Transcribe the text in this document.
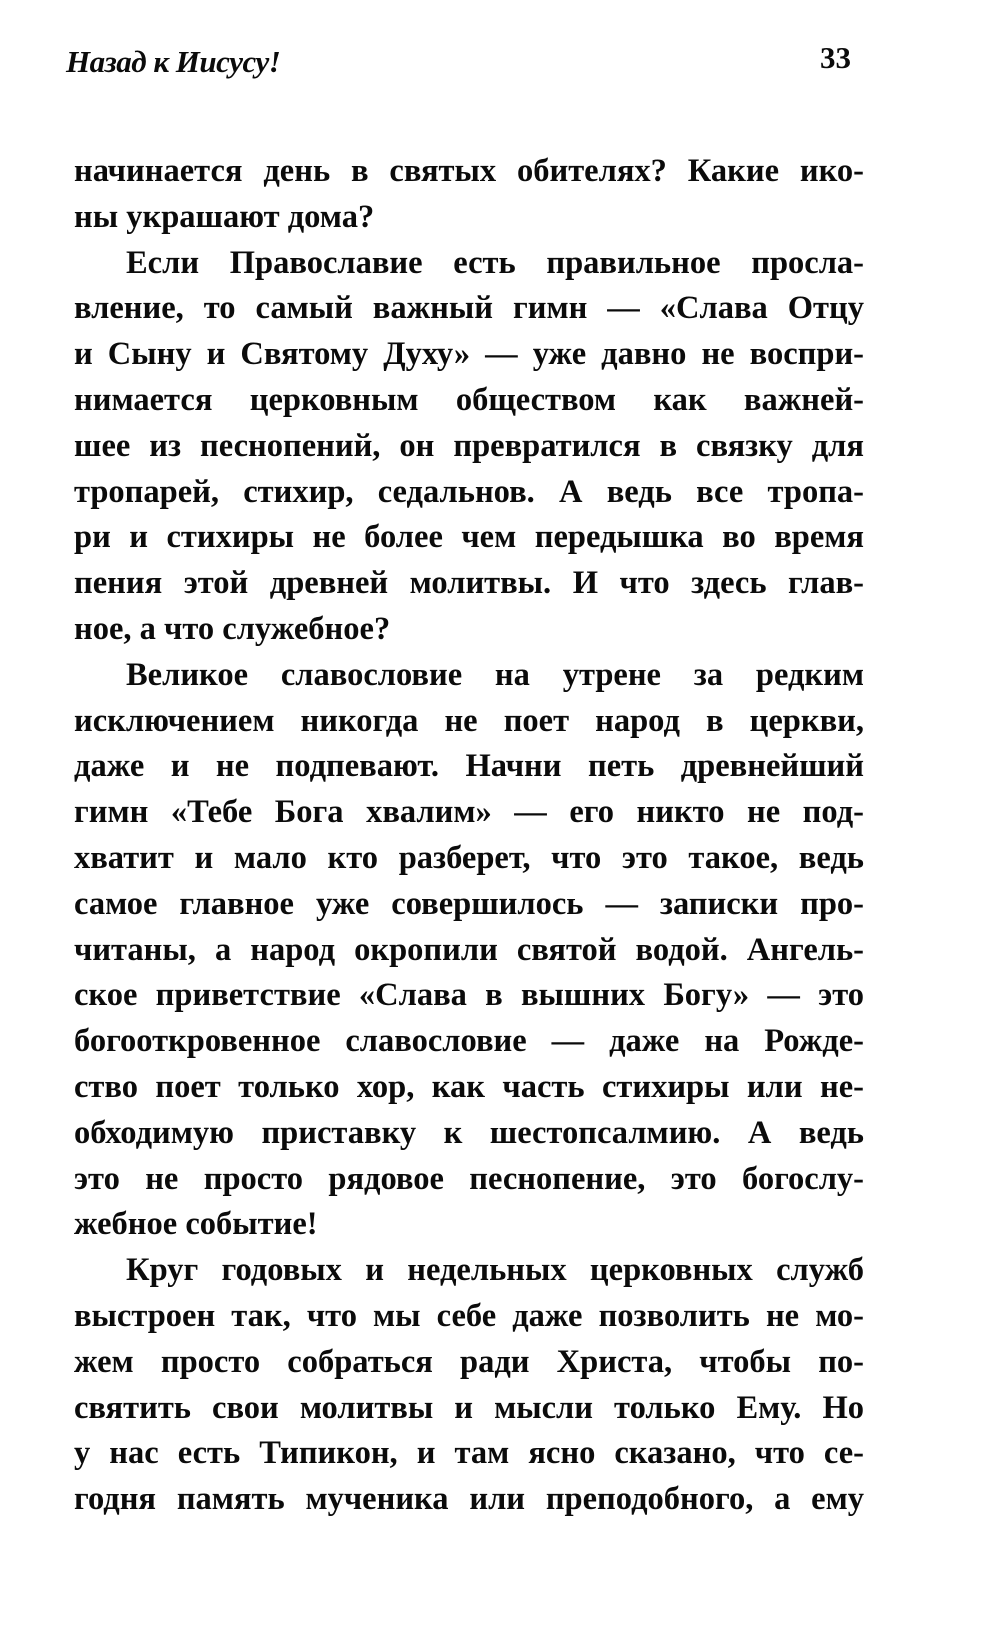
Назад к Иисусу!	33
начинается день в святых обителях? Какие ико-
ны украшают дома?
Если Православие есть правильное просла-
вление, то самый важный гимн — «Слава Отцу
и Сыну и Святому Духу» — уже давно не воспри-
нимается церковным обществом как важней-
шее из песнопений, он превратился в связку для
тропарей, стихир, седальнов. А ведь все тропа-
ри и стихиры не более чем передышка во время
пения этой древней молитвы. И что здесь глав-
ное, а что служебное?
Великое славословие на утрене за редким
исключением никогда не поет народ в церкви,
даже и не подпевают. Начни петь древнейший
гимн «Тебе Бога хвалим» — его никто не под-
хватит и мало кто разберет, что это такое, ведь
самое главное уже совершилось — записки про-
читаны, а народ окропили святой водой. Ангель-
ское приветствие «Слава в вышних Богу» — это
богооткровенное славословие — даже на Рожде-
ство поет только хор, как часть стихиры или не-
обходимую приставку к шестопсалмию. А ведь
это не просто рядовое песнопение, это богослу-
жебное событие!
Круг годовых и недельных церковных служб
выстроен так, что мы себе даже позволить не мо-
жем просто собраться ради Христа, чтобы по-
святить свои молитвы и мысли только Ему. Но
у нас есть Типикон, и там ясно сказано, что се-
годня память мученика или преподобного, а ему
